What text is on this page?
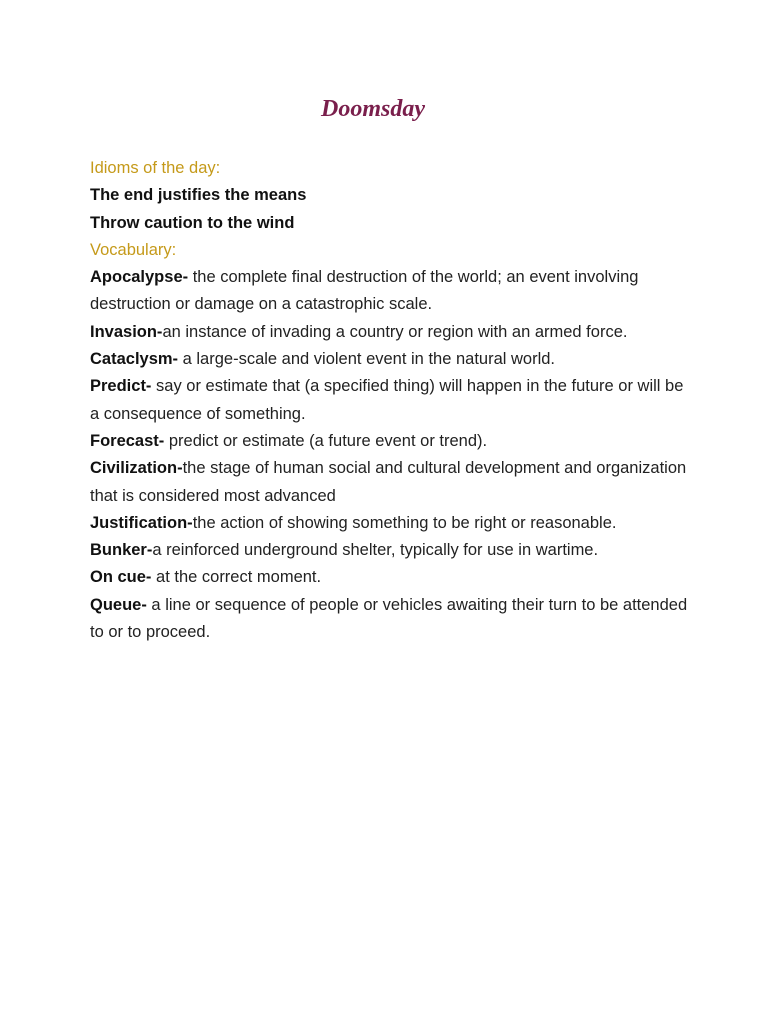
Doomsday
Idioms of the day:
The end justifies the means
Throw caution to the wind
Vocabulary:
Apocalypse- the complete final destruction of the world; an event involving destruction or damage on a catastrophic scale.
Invasion-an instance of invading a country or region with an armed force.
Cataclysm- a large-scale and violent event in the natural world.
Predict- say or estimate that (a specified thing) will happen in the future or will be a consequence of something.
Forecast- predict or estimate (a future event or trend).
Civilization-the stage of human social and cultural development and organization that is considered most advanced
Justification-the action of showing something to be right or reasonable.
Bunker-a reinforced underground shelter, typically for use in wartime.
On cue- at the correct moment.
Queue- a line or sequence of people or vehicles awaiting their turn to be attended to or to proceed.
